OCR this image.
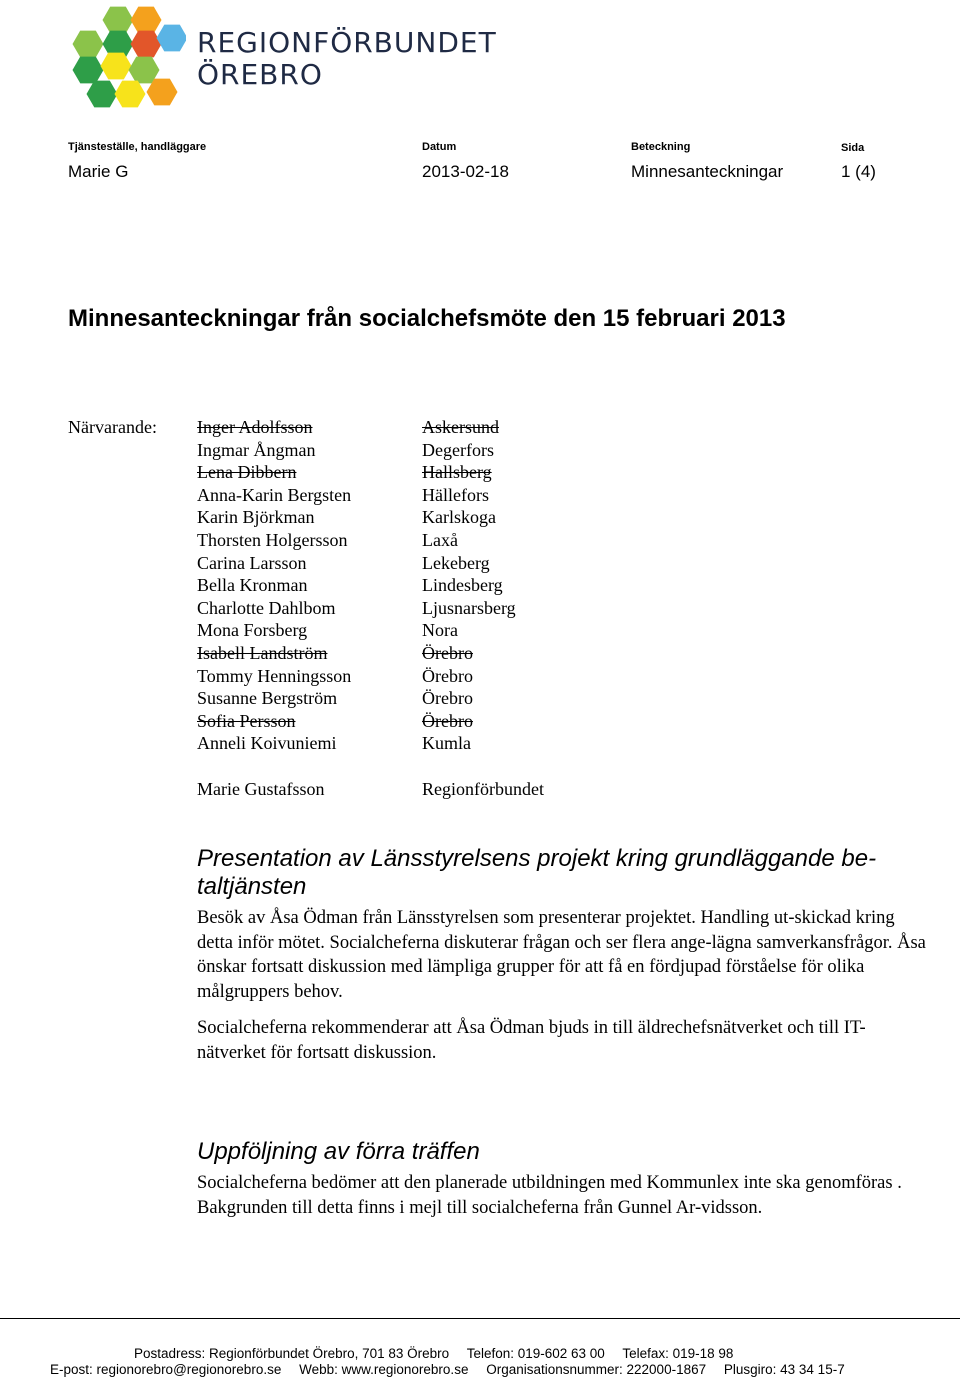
REGIONFÖRBUNDET
ÖREBRO
Tjänsteställe, handläggare
Marie G
Datum
2013-02-18
Beteckning
Minnesanteckningar
Sida
1 (4)
Minnesanteckningar från socialchefsmöte den 15 februari 2013
Närvarande: Inger Adolfsson
Ingmar Ångman
Lena Dibbern
Anna-Karin Bergsten
Karin Björkman
Thorsten Holgersson
Carina Larsson
Bella Kronman
Charlotte Dahlbom
Mona Forsberg
Isabell Landström
Tommy Henningsson
Susanne Bergström
Sofia Persson
Anneli Koivuniemi
Askersund
Degerfors
Hallsberg
Hällefors
Karlskoga
Laxå
Lekeberg
Lindesberg
Ljusnarsberg
Nora
Örebro
Örebro
Örebro
Örebro
Kumla
Marie Gustafsson	Regionförbundet
Presentation av Länsstyrelsens projekt kring grundläggande be-taltjänsten
Besök av Åsa Ödman från Länsstyrelsen som presenterar projektet. Handling ut-skickad kring detta inför mötet. Socialcheferna diskuterar frågan och ser flera ange-lägna samverkansfrågor. Åsa önskar fortsatt diskussion med lämpliga grupper för att få en fördjupad förståelse för olika målgruppers behov.
Socialcheferna rekommenderar att Åsa Ödman bjuds in till äldrechefsnätverket och till IT-nätverket för fortsatt diskussion.
Uppföljning av förra träffen
Socialcheferna bedömer att den planerade utbildningen med Kommunlex inte ska genomföras . Bakgrunden till detta finns i mejl till socialcheferna från Gunnel Ar-vidsson.
Postadress: Regionförbundet Örebro, 701 83 Örebro Telefon: 019-602 63 00 Telefax: 019-18 98
E-post: regionorebro@regionorebro.se Webb: www.regionorebro.se Organisationsnummer: 222000-1867 Plusgiro: 43 34 15-7
